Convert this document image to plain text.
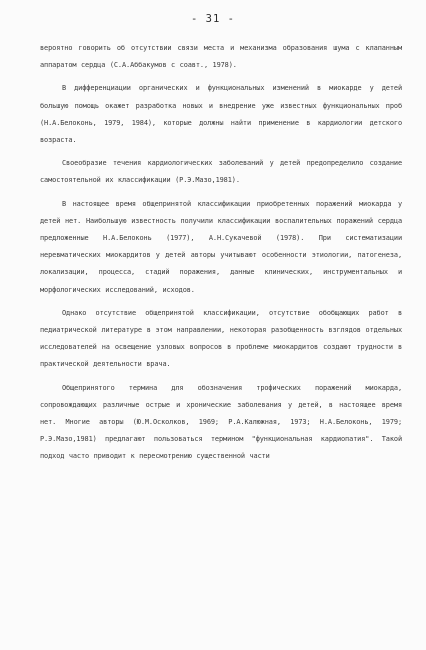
- 31 -

вероятно говорить об отсутствии связи места и механизма образования шума с клапанным аппаратом сердца (С.А.Аббакумов с соавт., 1978).

В дифференциации органических и функциональных изменений в миокарде у детей большую помощь окажет разработка новых и внедрение уже известных функциональных проб (Н.А.Белоконь, 1979, 1984), которые должны найти применение в кардиологии детского возраста.

Своеобразие течения кардиологических заболеваний у детей предопределило создание самостоятельной их классификации (Р.Э.Мазо,1981).

В настоящее время общепринятой классификации приобретенных поражений миокарда у детей нет. Наибольшую известность получили классификации воспалительных поражений сердца предложенные Н.А.Белоконь (1977), А.Н.Сукачевой (1978). При систематизации неревматических миокардитов у детей авторы учитывают особенности этиологии, патогенеза, локализации, процесса, стадий поражения, данные клинических, инструментальных и морфологических исследований, исходов.

Однако отсутствие общепринятой классификации, отсутствие обобщающих работ в педиатрической литературе в этом направлении, некоторая разобщенность взглядов отдельных исследователей на освещение узловых вопросов в проблеме миокардитов создают трудности в практической деятельности врача.

Общепринятого термина для обозначения трофических поражений миокарда, сопровождающих различные острые и хронические заболевания у детей, в настоящее время нет. Многие авторы (Ю.М.Осколков, 1969; Р.А.Калюжная, 1973; Н.А.Белоконь, 1979; Р.Э.Мазо,1981) предлагают пользоваться термином "функциональная кардиопатия". Такой подход часто приводит к пересмотрению существенной части
